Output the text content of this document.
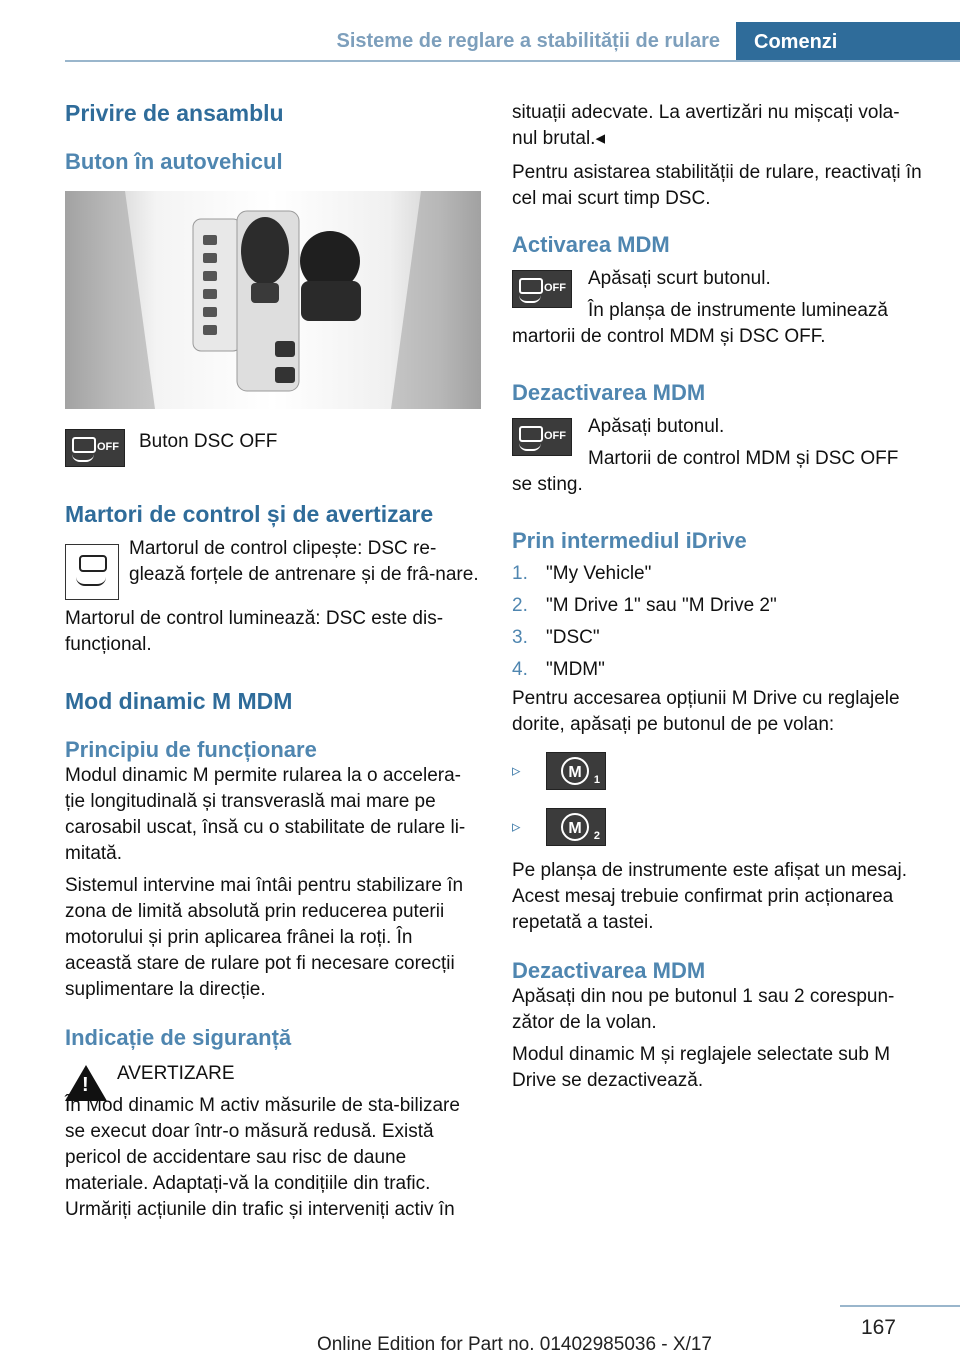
Sisteme de reglare a stabilității de rulare	Comenzi
Privire de ansamblu
Buton în autovehicul
OFF Buton DSC OFF

Martori de control și de avertizare

Martorul de control clipește: DSC re-glează forțele de antrenare și de frâ-nare.

Martorul de control luminează: DSC este dis-funcțional.

Mod dinamic M MDM
Principiu de funcționare

Modul dinamic M permite rularea la o accelera-ție longitudinală și transveraslă mai mare pe carosabil uscat, însă cu o stabilitate de rulare li-mitată.

Sistemul intervine mai întâi pentru stabilizare în zona de limită absolută prin reducerea puterii motorului și prin aplicarea frânei la roți. În această stare de rulare pot fi necesare corecții suplimentare la direcție.

Indicație de siguranță
!

AVERTIZARE

În Mod dinamic M activ măsurile de sta-bilizare se execut doar într-o măsură redusă. Există pericol de accidentare sau risc de daune materiale. Adaptați-vă la condițiile din trafic. Urmăriți acțiunile din trafic și interveniți activ în

situații adecvate. La avertizări nu mișcați vola-nul brutal.◂

Pentru asistarea stabilității de rulare, reactivați în cel mai scurt timp DSC.

Activarea MDM
OFF Apăsați scurt butonul.

În planșa de instrumente luminează

martorii de control MDM și DSC OFF.

Dezactivarea MDM
OFF Apăsați butonul.

Martorii de control MDM și DSC OFF

se sting.

Prin intermediul iDrive
1. "My Vehicle"
2. "M Drive 1" sau "M Drive 2"
3. "DSC"
4. "MDM"

Pentru accesarea opțiunii M Drive cu reglajele dorite, apăsați pe butonul de pe volan:

▹	M	1
▹	M	2

Pe planșa de instrumente este afișat un mesaj. Acest mesaj trebuie confirmat prin acționarea repetată a tastei.

Dezactivarea MDM

Apăsați din nou pe butonul 1 sau 2 corespun-zător de la volan.

Modul dinamic M și reglajele selectate sub M Drive se dezactivează.

167
Online Edition for Part no. 01402985036 - X/17
